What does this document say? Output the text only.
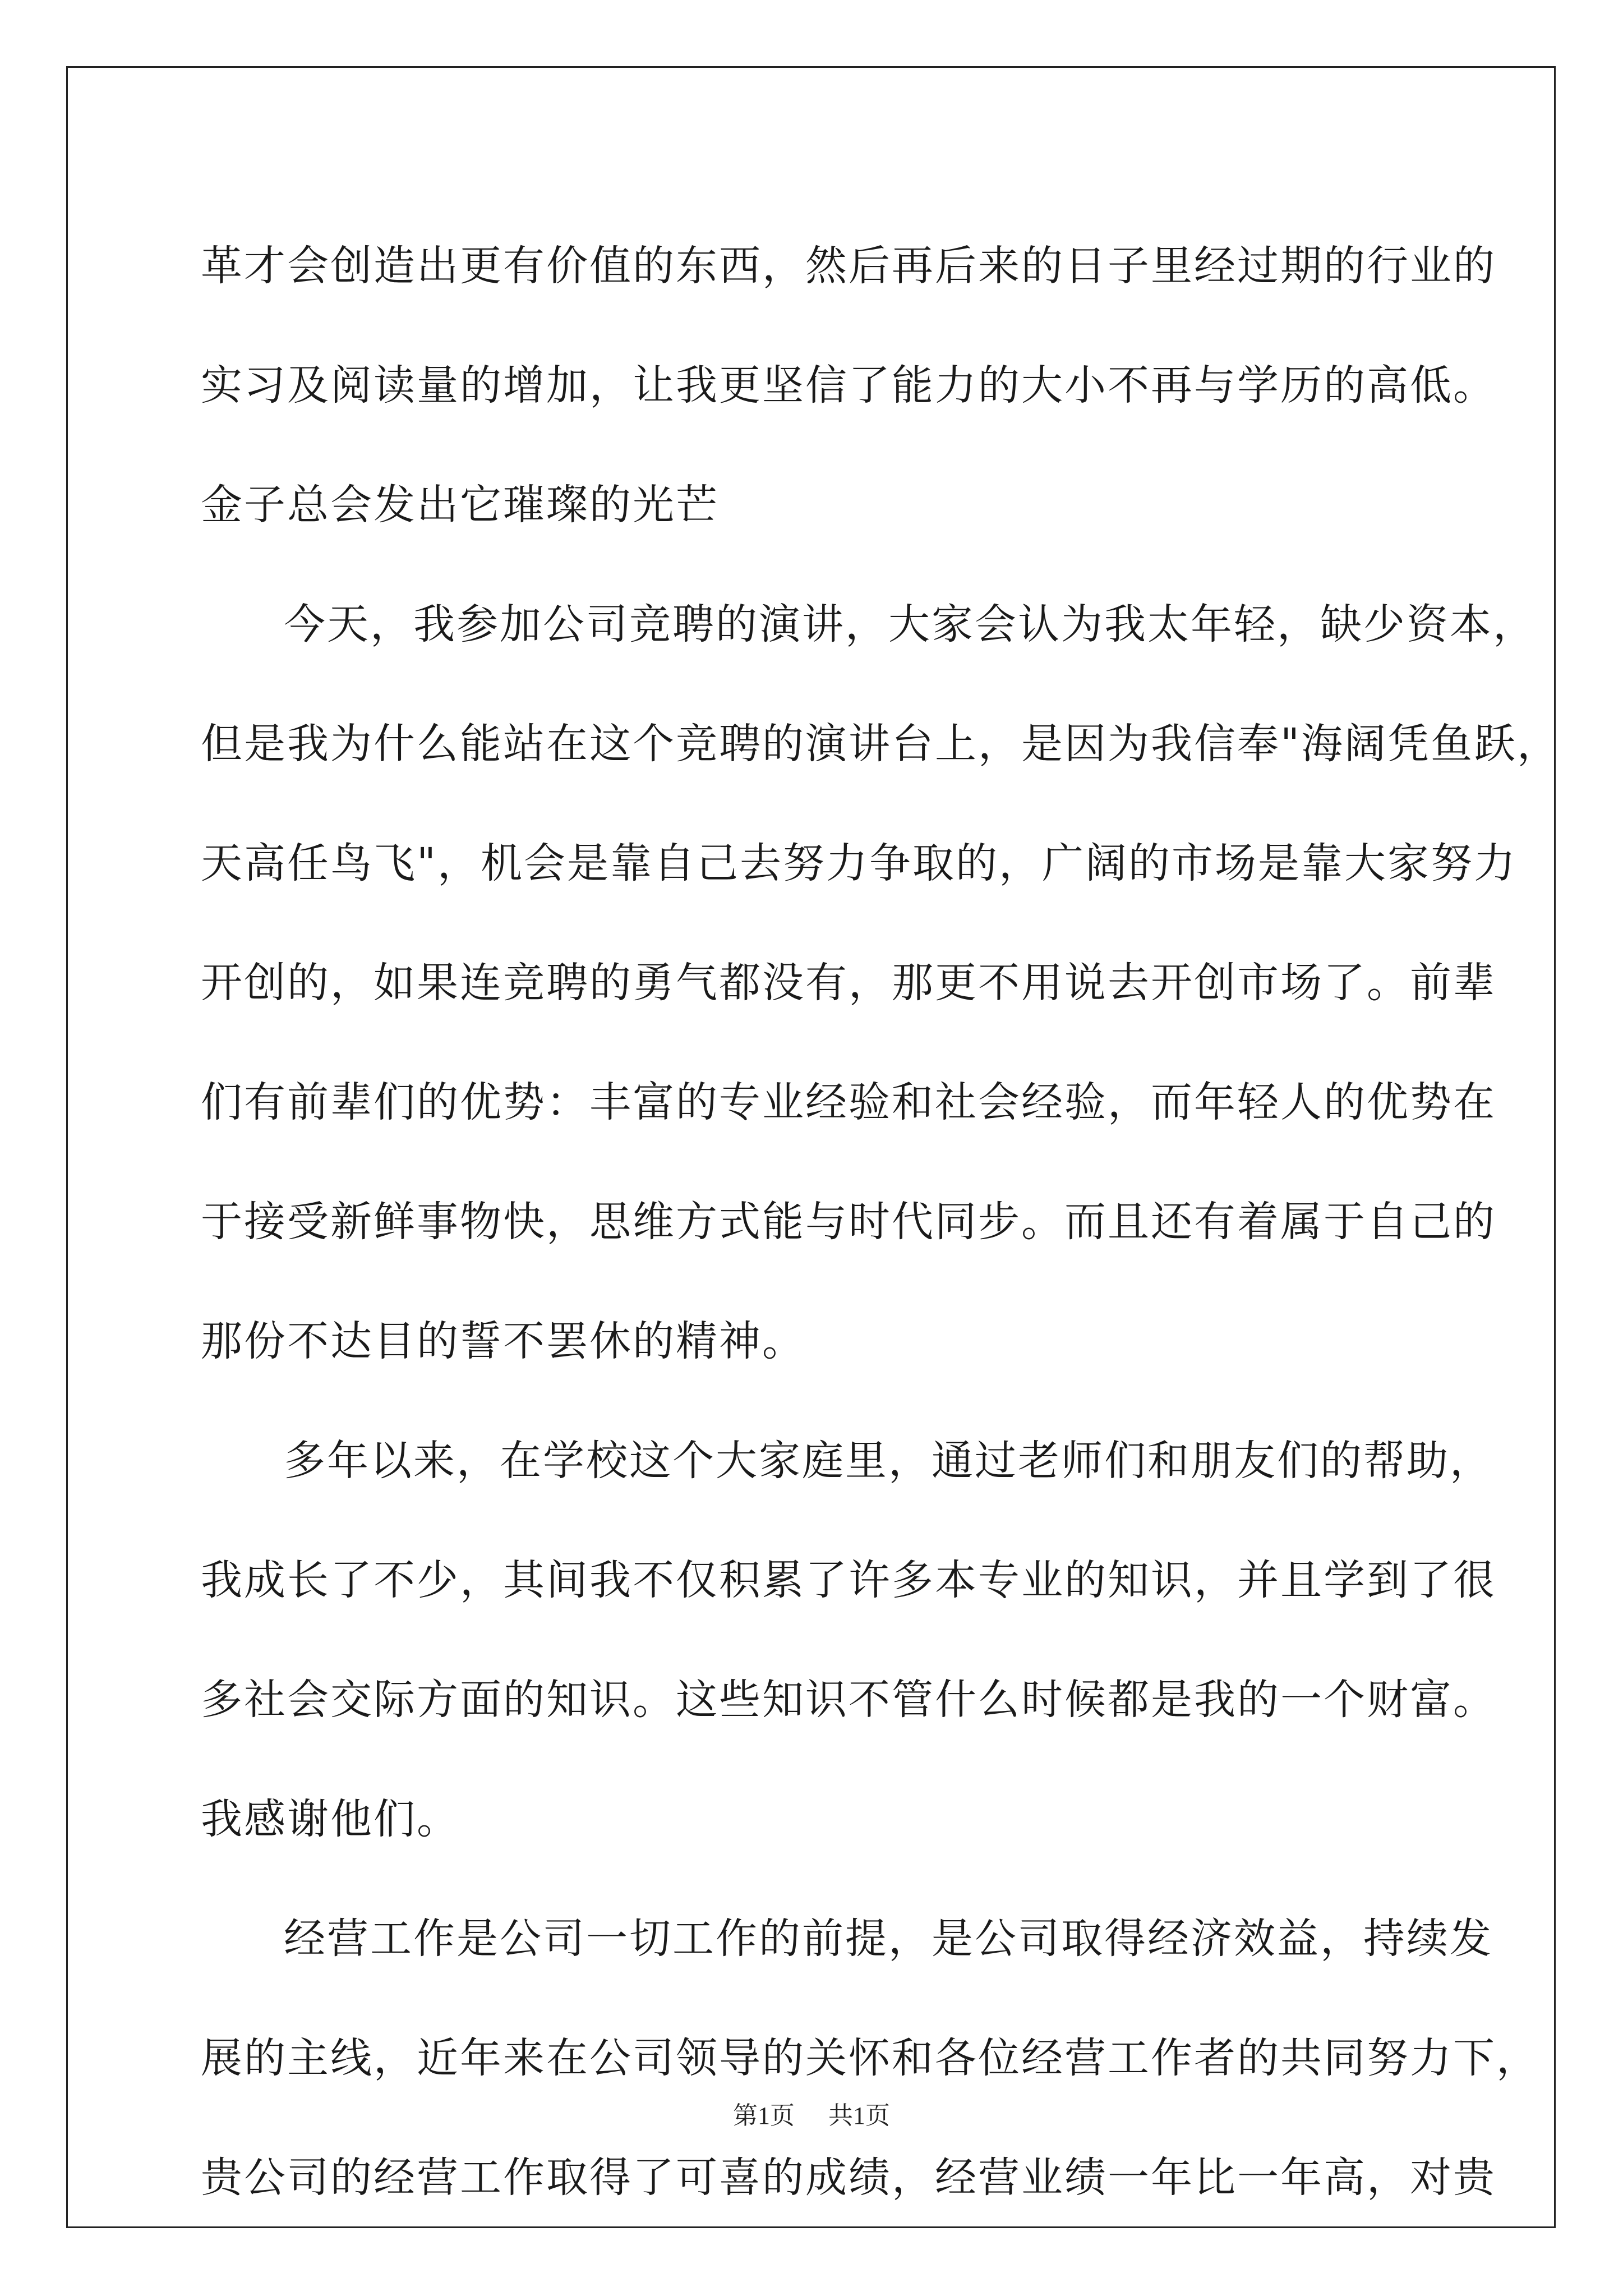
革才会创造出更有价值的东西，然后再后来的日子里经过期的行业的
实习及阅读量的增加，让我更坚信了能力的大小不再与学历的高低。
金子总会发出它璀璨的光芒
今天，我参加公司竞聘的演讲，大家会认为我太年轻，缺少资本，
但是我为什么能站在这个竞聘的演讲台上，是因为我信奉"海阔凭鱼跃，
天高任鸟飞"，机会是靠自己去努力争取的，广阔的市场是靠大家努力
开创的，如果连竞聘的勇气都没有，那更不用说去开创市场了。前辈
们有前辈们的优势：丰富的专业经验和社会经验，而年轻人的优势在
于接受新鲜事物快，思维方式能与时代同步。而且还有着属于自己的
那份不达目的誓不罢休的精神。
多年以来，在学校这个大家庭里，通过老师们和朋友们的帮助，
我成长了不少，其间我不仅积累了许多本专业的知识，并且学到了很
多社会交际方面的知识。这些知识不管什么时候都是我的一个财富。
我感谢他们。
经营工作是公司一切工作的前提，是公司取得经济效益，持续发
展的主线，近年来在公司领导的关怀和各位经营工作者的共同努力下，
贵公司的经营工作取得了可喜的成绩，经营业绩一年比一年高，对贵
第1页 共1页
